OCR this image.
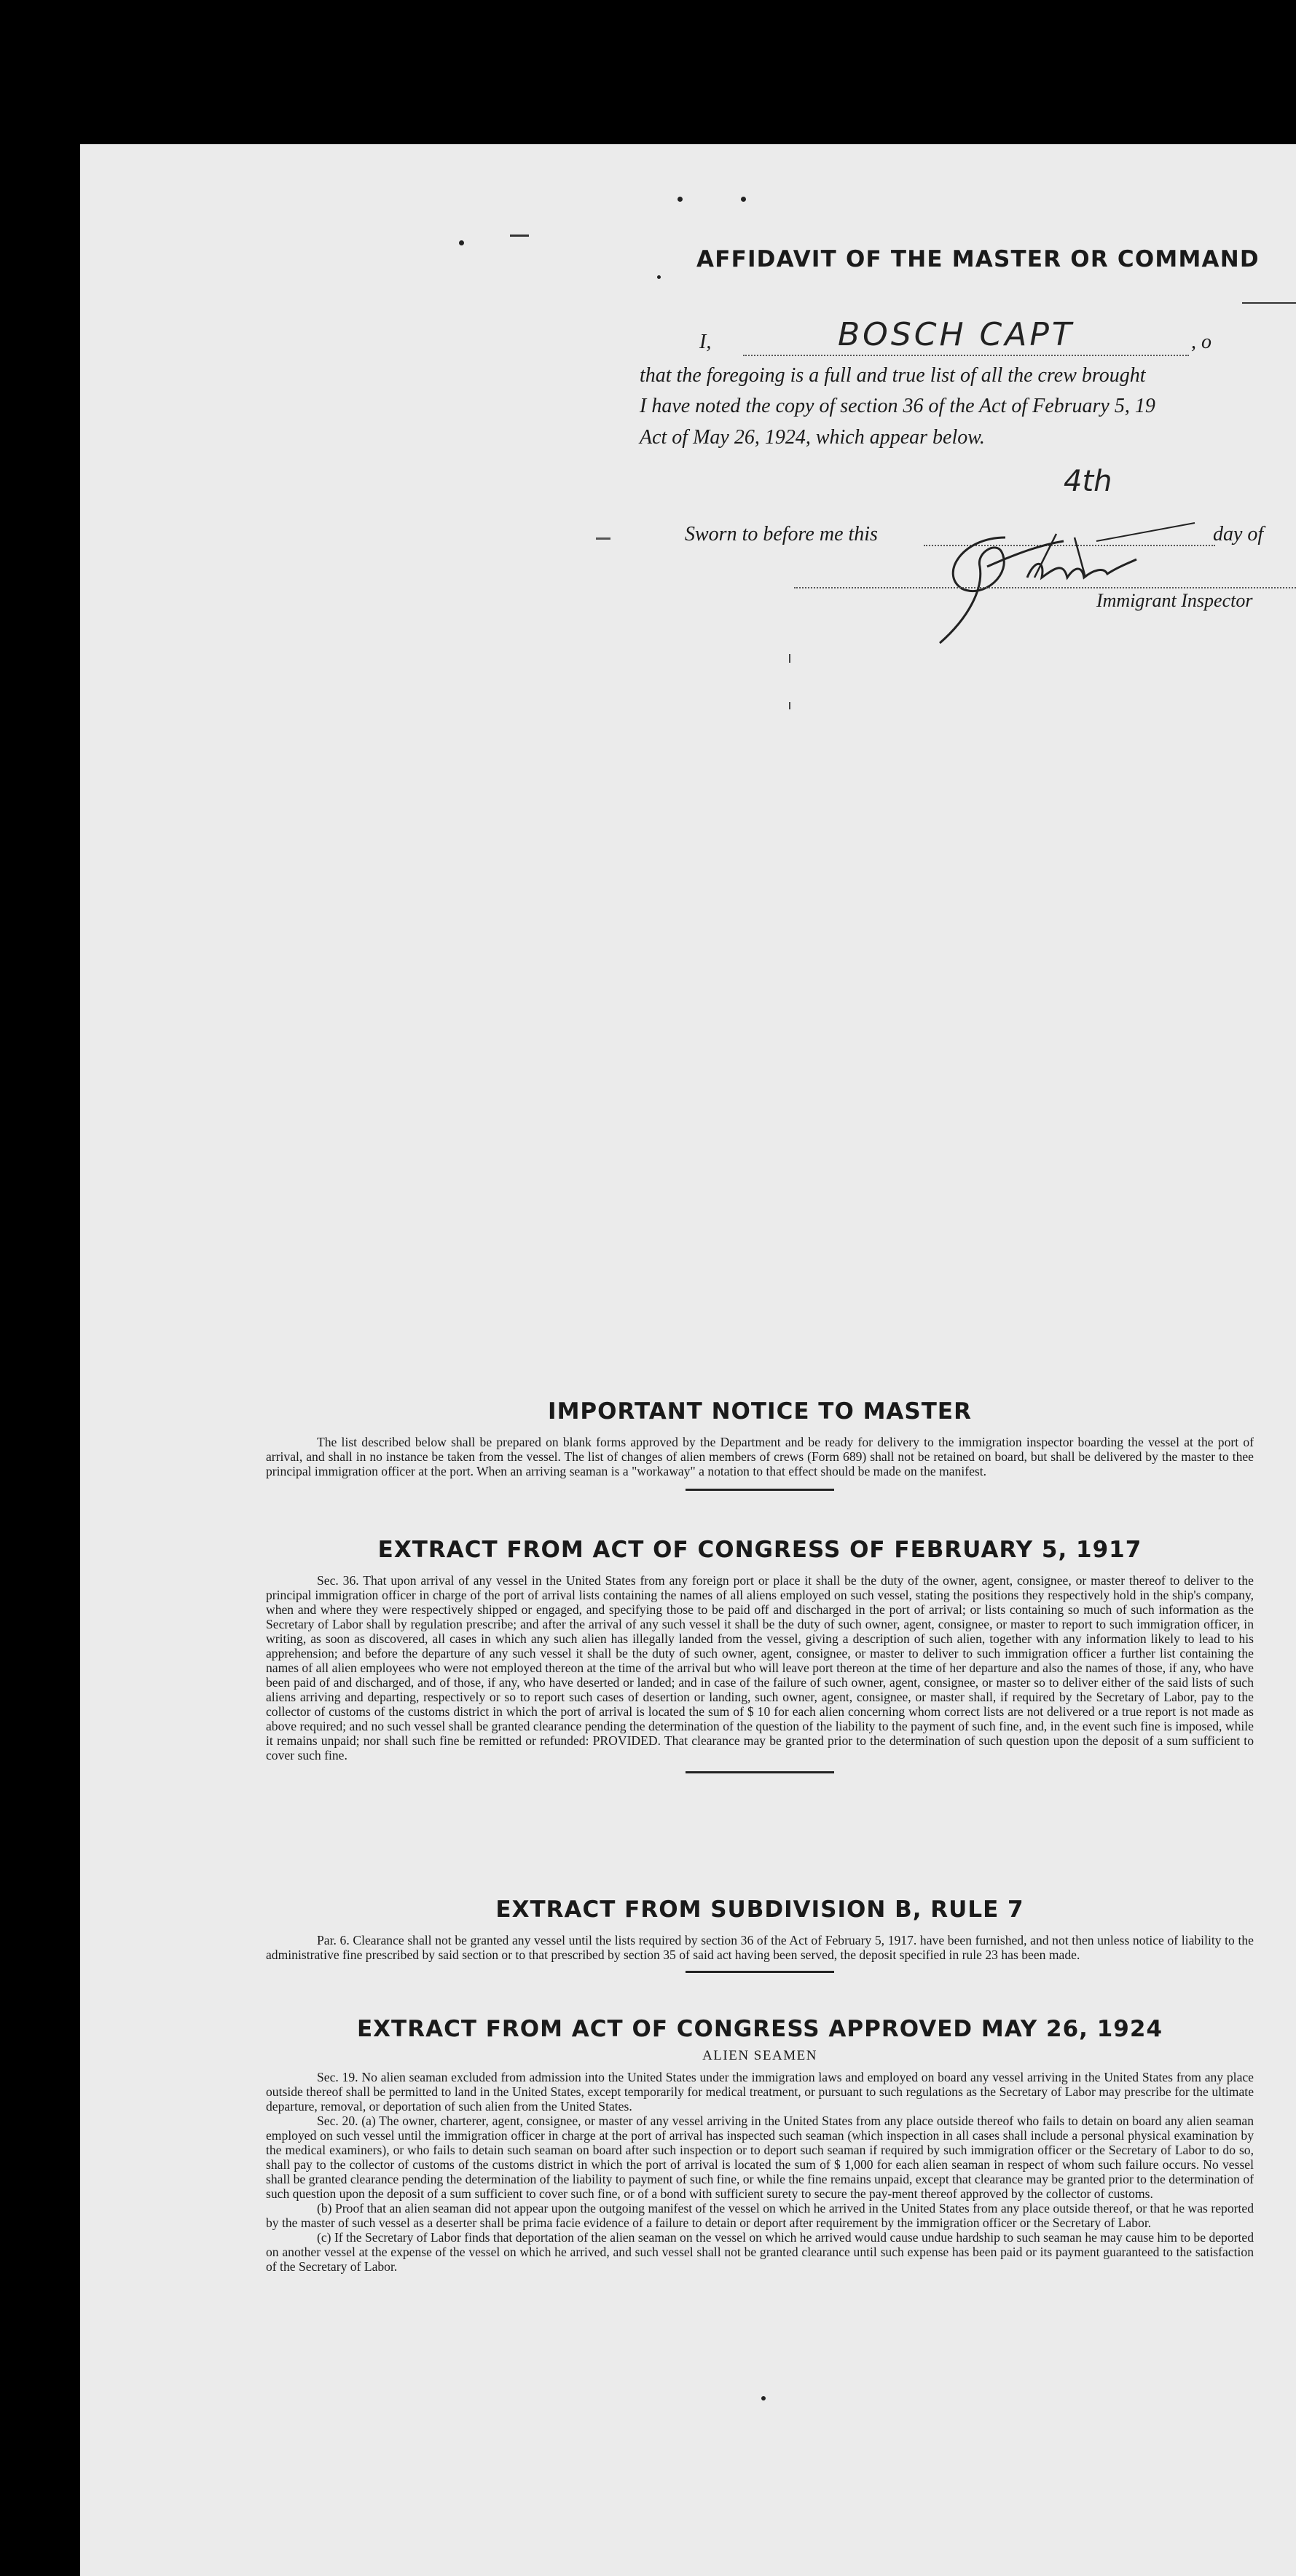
AFFIDAVIT OF THE MASTER OR COMMAND
I,	BOSCH CAPT	, o
that the foregoing is a full and true list of all the crew brought
I have noted the copy of section 36 of the Act of February 5, 19
Act of May 26, 1924, which appear below.
4th
Sworn to before me this	day of
Immigrant Inspector

IMPORTANT NOTICE TO MASTER

The list described below shall be prepared on blank forms approved by the Department and be ready for delivery to the immigration inspector boarding the vessel at the port of arrival, and shall in no instance be taken from the vessel. The list of changes of alien members of crews (Form 689) shall not be retained on board, but shall be delivered by the master to thee principal immigration officer at the port. When an arriving seaman is a "workaway" a notation to that effect should be made on the manifest.

EXTRACT FROM ACT OF CONGRESS OF FEBRUARY 5, 1917

Sec. 36. That upon arrival of any vessel in the United States from any foreign port or place it shall be the duty of the owner, agent, consignee, or master thereof to deliver to the principal immigration officer in charge of the port of arrival lists containing the names of all aliens employed on such vessel, stating the positions they respectively hold in the ship's company, when and where they were respectively shipped or engaged, and specifying those to be paid off and discharged in the port of arrival; or lists containing so much of such information as the Secretary of Labor shall by regulation prescribe; and after the arrival of any such vessel it shall be the duty of such owner, agent, consignee, or master to report to such immigration officer, in writing, as soon as discovered, all cases in which any such alien has illegally landed from the vessel, giving a description of such alien, together with any information likely to lead to his apprehension; and before the departure of any such vessel it shall be the duty of such owner, agent, consignee, or master to deliver to such immigration officer a further list containing the names of all alien employees who were not employed thereon at the time of the arrival but who will leave port thereon at the time of her departure and also the names of those, if any, who have been paid of and discharged, and of those, if any, who have deserted or landed; and in case of the failure of such owner, agent, consignee, or master so to deliver either of the said lists of such aliens arriving and departing, respectively or so to report such cases of desertion or landing, such owner, agent, consignee, or master shall, if required by the Secretary of Labor, pay to the collector of customs of the customs district in which the port of arrival is located the sum of $ 10 for each alien concerning whom correct lists are not delivered or a true report is not made as above required; and no such vessel shall be granted clearance pending the determination of the question of the liability to the payment of such fine, and, in the event such fine is imposed, while it remains unpaid; nor shall such fine be remitted or refunded: PROVIDED. That clearance may be granted prior to the determination of such question upon the deposit of a sum sufficient to cover such fine.

EXTRACT FROM SUBDIVISION B, RULE 7

Par. 6. Clearance shall not be granted any vessel until the lists required by section 36 of the Act of February 5, 1917. have been furnished, and not then unless notice of liability to the administrative fine prescribed by said section or to that prescribed by section 35 of said act having been served, the deposit specified in rule 23 has been made.

EXTRACT FROM ACT OF CONGRESS APPROVED MAY 26, 1924

ALIEN SEAMEN

Sec. 19. No alien seaman excluded from admission into the United States under the immigration laws and employed on board any vessel arriving in the United States from any place outside thereof shall be permitted to land in the United States, except temporarily for medical treatment, or pursuant to such regulations as the Secretary of Labor may prescribe for the ultimate departure, removal, or deportation of such alien from the United States.

Sec. 20. (a) The owner, charterer, agent, consignee, or master of any vessel arriving in the United States from any place outside thereof who fails to detain on board any alien seaman employed on such vessel until the immigration officer in charge at the port of arrival has inspected such seaman (which inspection in all cases shall include a personal physical examination by the medical examiners), or who fails to detain such seaman on board after such inspection or to deport such seaman if required by such immigration officer or the Secretary of Labor to do so, shall pay to the collector of customs of the customs district in which the port of arrival is located the sum of $ 1,000 for each alien seaman in respect of whom such failure occurs. No vessel shall be granted clearance pending the determination of the liability to payment of such fine, or while the fine remains unpaid, except that clearance may be granted prior to the determination of such question upon the deposit of a sum sufficient to cover such fine, or of a bond with sufficient surety to secure the pay-ment thereof approved by the collector of customs.

(b) Proof that an alien seaman did not appear upon the outgoing manifest of the vessel on which he arrived in the United States from any place outside thereof, or that he was reported by the master of such vessel as a deserter shall be prima facie evidence of a failure to detain or deport after requirement by the immigration officer or the Secretary of Labor.

(c) If the Secretary of Labor finds that deportation of the alien seaman on the vessel on which he arrived would cause undue hardship to such seaman he may cause him to be deported on another vessel at the expense of the vessel on which he arrived, and such vessel shall not be granted clearance until such expense has been paid or its payment guaranteed to the satisfaction of the Secretary of Labor.
